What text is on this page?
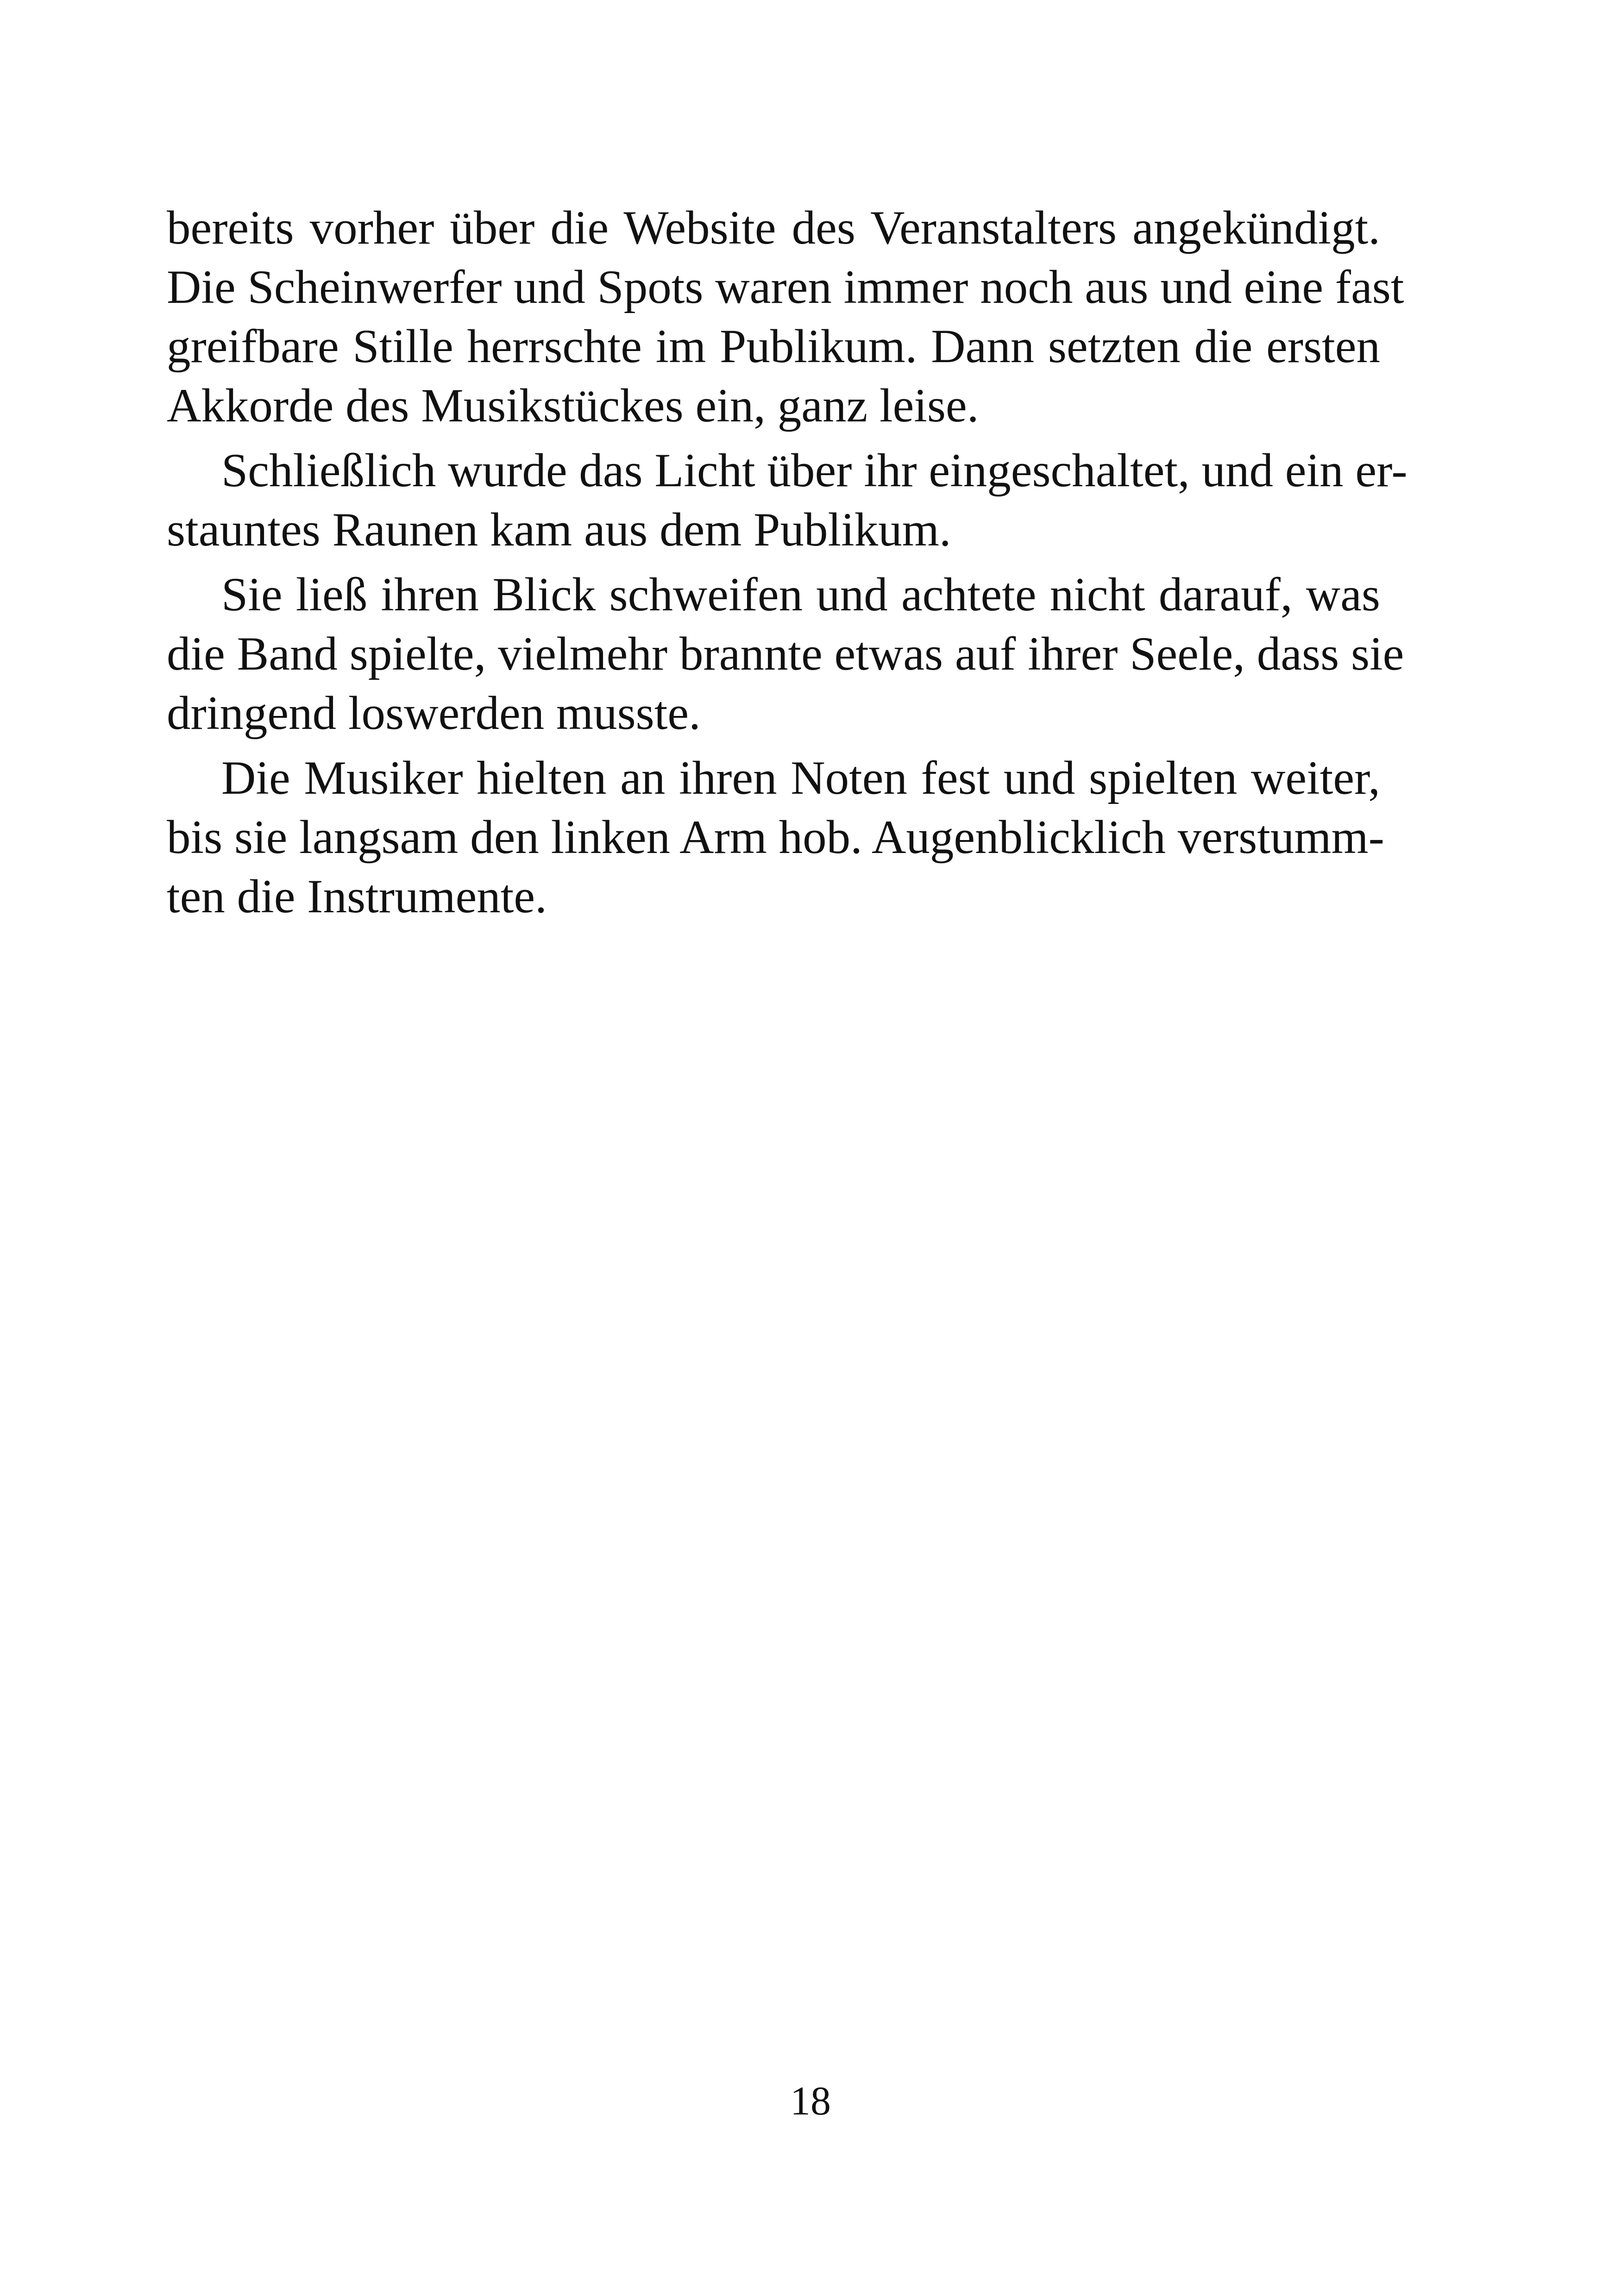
bereits vorher über die Website des Veranstalters angekündigt.
Die Scheinwerfer und Spots waren immer noch aus und eine fast
greifbare Stille herrschte im Publikum. Dann setzten die ersten
Akkorde des Musikstückes ein, ganz leise.
Schließlich wurde das Licht über ihr eingeschaltet, und ein er-
stauntes Raunen kam aus dem Publikum.
Sie ließ ihren Blick schweifen und achtete nicht darauf, was
die Band spielte, vielmehr brannte etwas auf ihrer Seele, dass sie
dringend loswerden musste.
Die Musiker hielten an ihren Noten fest und spielten weiter,
bis sie langsam den linken Arm hob. Augenblicklich verstumm-
ten die Instrumente.
18
